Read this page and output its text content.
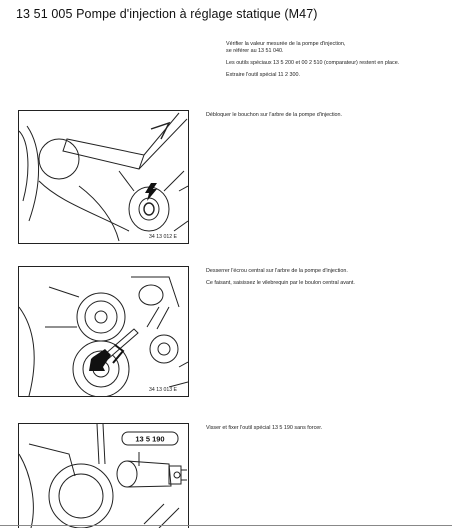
13 51 005 Pompe d'injection à réglage statique (M47)

Vérifier la valeur mesurée de la pompe d'injection,
se référer au 13 51 040.

Les outils spéciaux 13 5 200 et 00 2 510 (comparateur) restent en place.

Extraire l'outil spécial 11 2 300.

34 13 012 E

Débloquer le bouchon sur l'arbre de la pompe d'injection.

34 13 013 E

Desserrer l'écrou central sur l'arbre de la pompe d'injection.

Ce faisant, saisissez le vilebrequin par le boulon central avant.

13 5 190

Visser et fixer l'outil spécial 13 5 190 sans forcer.
